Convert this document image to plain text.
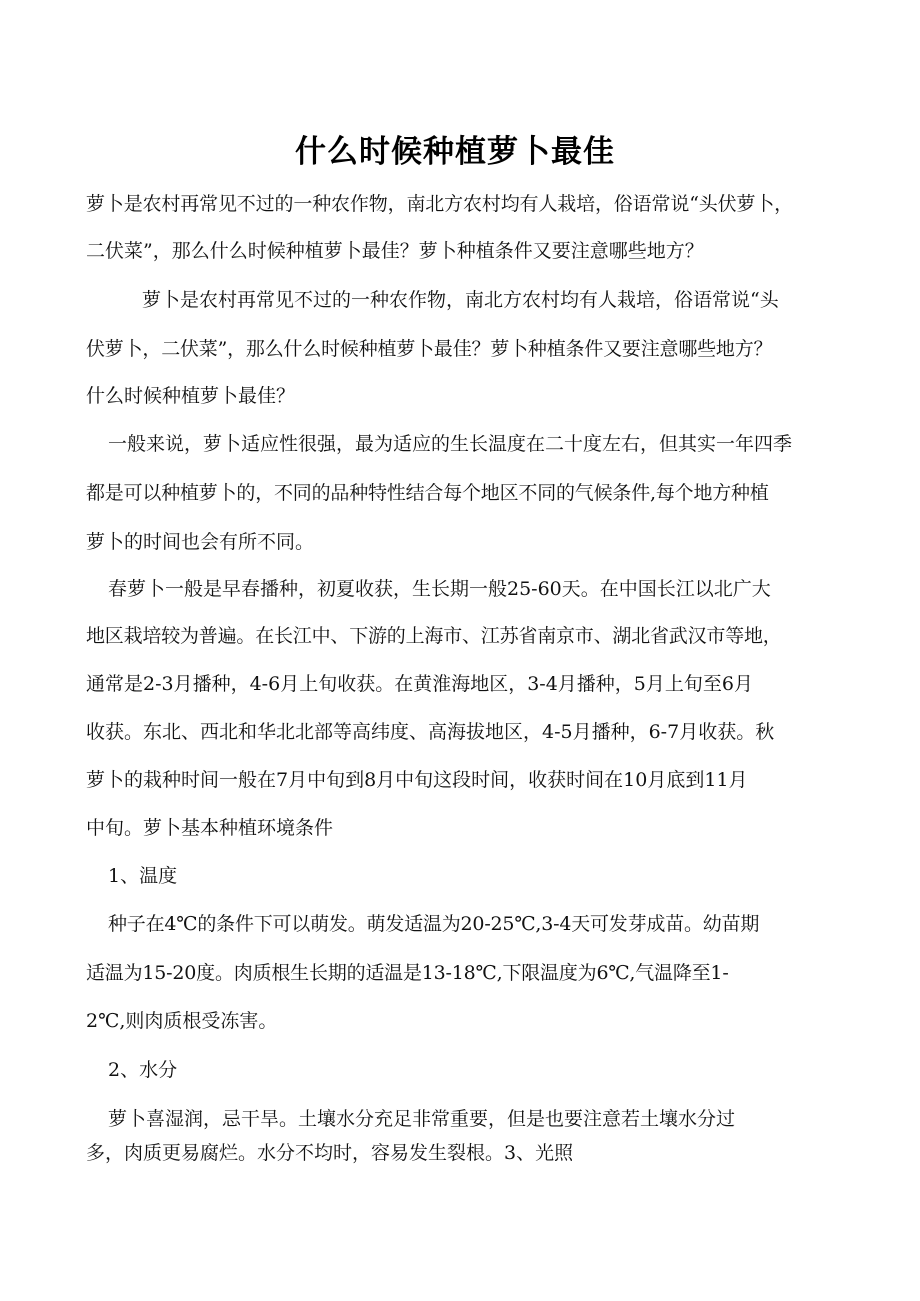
什么时候种植萝卜最佳
萝卜是农村再常见不过的一种农作物，南北方农村均有人栽培，俗语常说“头伏萝卜，
二伏菜”，那么什么时候种植萝卜最佳？萝卜种植条件又要注意哪些地方？
萝卜是农村再常见不过的一种农作物，南北方农村均有人栽培，俗语常说“头
伏萝卜，二伏菜”，那么什么时候种植萝卜最佳？萝卜种植条件又要注意哪些地方？
什么时候种植萝卜最佳？
一般来说，萝卜适应性很强，最为适应的生长温度在二十度左右，但其实一年四季
都是可以种植萝卜的，不同的品种特性结合每个地区不同的气候条件,每个地方种植
萝卜的时间也会有所不同。
春萝卜一般是早春播种，初夏收获，生长期一般25-60天。在中国长江以北广大
地区栽培较为普遍。在长江中、下游的上海市、江苏省南京市、湖北省武汉市等地，
通常是2-3月播种，4-6月上旬收获。在黄淮海地区，3-4月播种，5月上旬至6月
收获。东北、西北和华北北部等高纬度、高海拔地区，4-5月播种，6-7月收获。秋
萝卜的栽种时间一般在7月中旬到8月中旬这段时间，收获时间在10月底到11月
中旬。萝卜基本种植环境条件
1、温度
种子在4℃的条件下可以萌发。萌发适温为20-25℃,3-4天可发芽成苗。幼苗期
适温为15-20度。肉质根生长期的适温是13-18℃,下限温度为6℃,气温降至1-
2℃,则肉质根受冻害。
2、水分
萝卜喜湿润，忌干旱。土壤水分充足非常重要，但是也要注意若土壤水分过
多，肉质更易腐烂。水分不均时，容易发生裂根。3、光照
